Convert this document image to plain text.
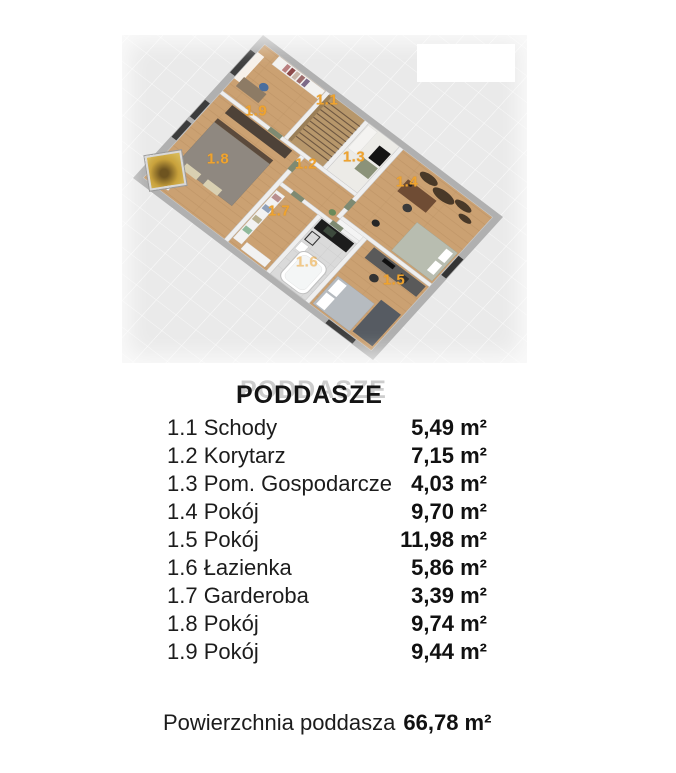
1.1
1.2 1.3
1.4
1.5
1.6
1.7
1.8
1.9
PODDASZE
1.1 Schody	5,49 m²
1.2 Korytarz	7,15 m²
1.3 Pom. Gospodarcze 4,03 m²
1.4 Pokój	9,70 m²
1.5 Pokój	11,98 m²
1.6 Łazienka	5,86 m²
1.7 Garderoba	3,39 m²
1.8 Pokój	9,74 m²
1.9 Pokój	9,44 m²
Powierzchnia poddasza 66,78 m²
